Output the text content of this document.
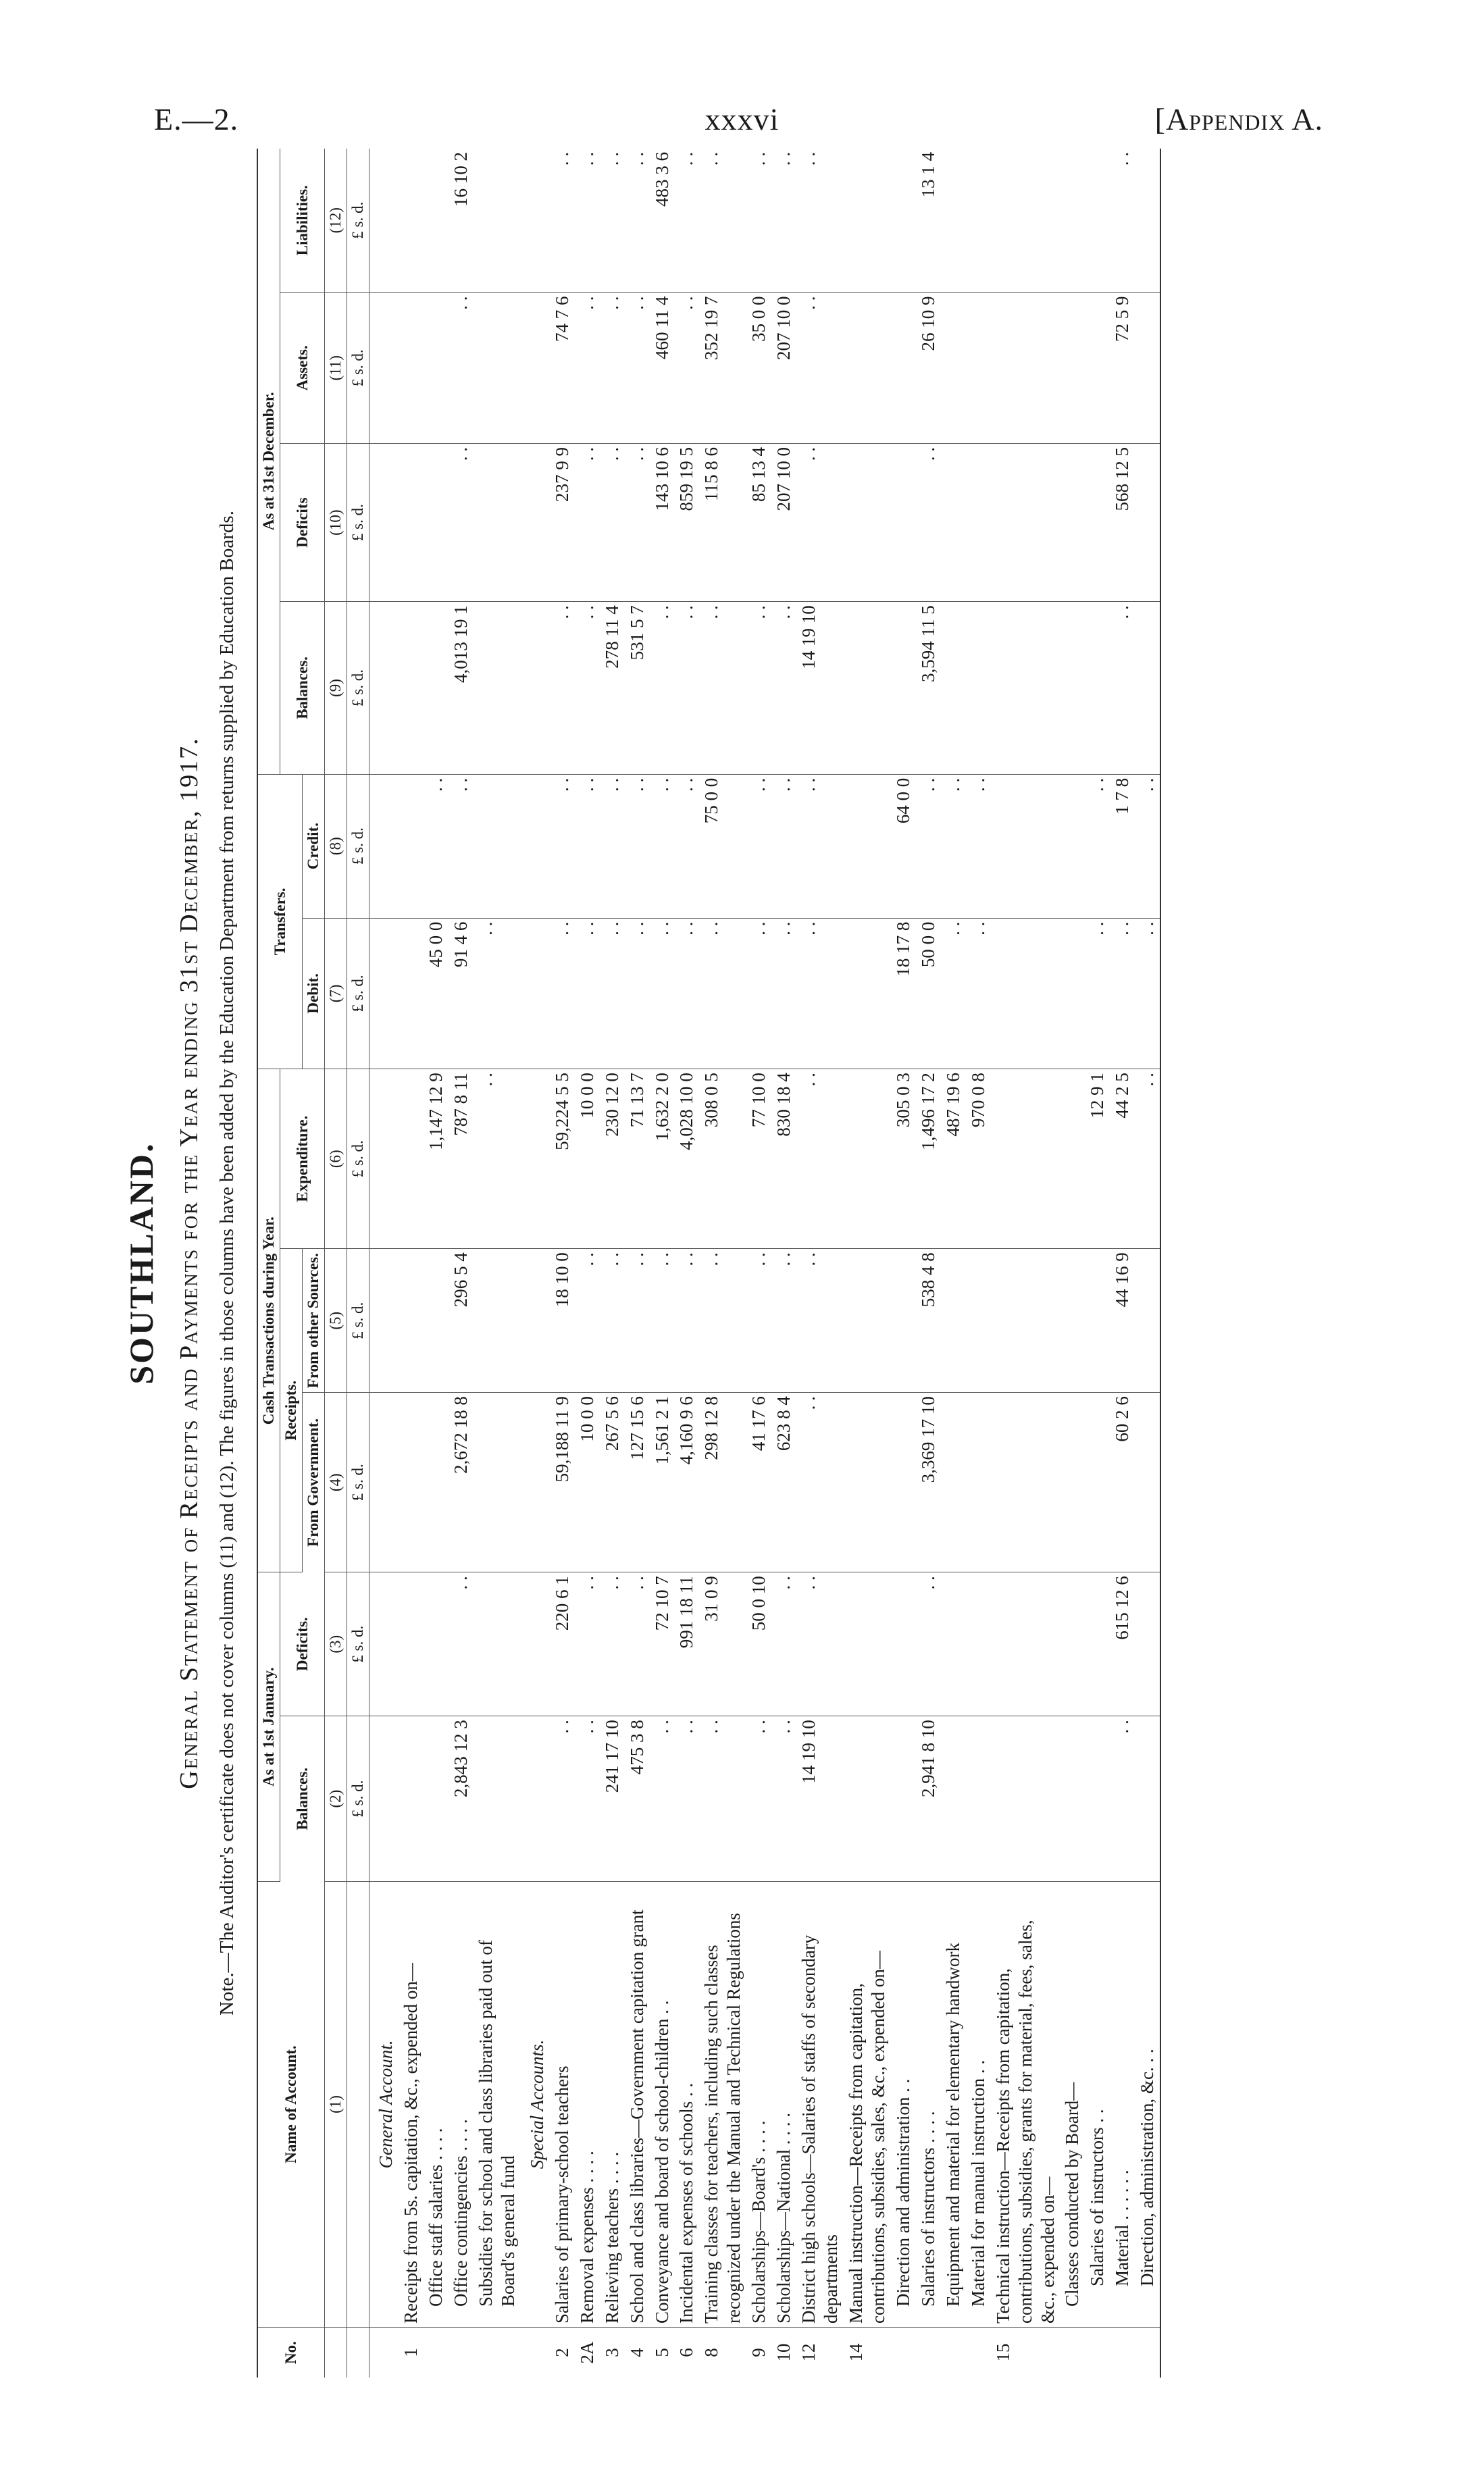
E.—2.	xxxvi	[Appendix A.
SOUTHLAND. General Statement of Receipts and Payments for the Year ending 31st December, 1917. Note.—The Auditor's certificate does not cover columns (11) and (12). The figures in those columns have been added by the Education Department from returns supplied by Education Boards.
No.	Name of Account.	As at 1st January.		Cash Transactions during Year.			Transfers.		As at 31st December.			
		Balances.	Deficits.	Receipts.		Expenditure.			Balances.	Deficits	Assets.	Liabilities.
				From Government.	From other Sources.		Debit.	Credit.				
	(1)	(2)	(3)	(4)	(5)	(6)	(7)	(8)	(9)	(10)	(11)	(12)
		£ s. d.	£ s. d.	£ s. d.	£ s. d.	£ s. d.	£ s. d.	£ s. d.	£ s. d.	£ s. d.	£ s. d.	£ s. d.
	General Account.											
1	Receipts from 5s. capitation, &c., expended on—											
	Office staff salaries . . . .					1,147 12 9	45 0 0	. .				
	Office contingencies . . . .	2,843 12 3	. .	2,672 18 8	296 5 4	787 8 11	91 4 6	. .	4,013 19 1	. .	. .	16 10 2
	Subsidies for school and class libraries paid out of Board's general fund					. .	. .					
	Special Accounts.											
2	Salaries of primary-school teachers	. .	220 6 1	59,188 11 9	18 10 0	59,224 5 5	. .	. .	. .	237 9 9	74 7 6	. .
2A	Removal expenses . . . .	. .	. .	10 0 0	. .	10 0 0	. .	. .	. .	. .	. .	. .
3	Relieving teachers . . . .	241 17 10	. .	267 5 6	. .	230 12 0	. .	. .	278 11 4	. .	. .	. .
4	School and class libraries—Government capitation grant	475 3 8	. .	127 15 6	. .	71 13 7	. .	. .	531 5 7	. .	. .	. .
5	Conveyance and board of school-children . .	. .	72 10 7	1,561 2 1	. .	1,632 2 0	. .	. .	. .	143 10 6	460 11 4	483 3 6
6	Incidental expenses of schools . .	. .	991 18 11	4,160 9 6	. .	4,028 10 0	. .	. .	. .	859 19 5	. .	. .
8	Training classes for teachers, including such classes recognized under the Manual and Technical Regulations	. .	31 0 9	298 12 8	. .	308 0 5	. .	75 0 0	. .	115 8 6	352 19 7	. .
9	Scholarships—Board's . . . .	. .	50 0 10	41 17 6	. .	77 10 0	. .	. .	. .	85 13 4	35 0 0	. .
10	Scholarships—National . . . .	. .	. .	623 8 4	. .	830 18 4	. .	. .	. .	207 10 0	207 10 0	. .
12	District high schools—Salaries of staffs of secondary departments	14 19 10	. .	. .	. .	. .	. .	. .	14 19 10	. .	. .	. .
14	Manual instruction—Receipts from capitation, contributions, subsidies, sales, &c., expended on—											
	Direction and administration . .					305 0 3	18 17 8	64 0 0				
	Salaries of instructors . . . .	2,941 8 10	. .	3,369 17 10	538 4 8	1,496 17 2	50 0 0	. .	3,594 11 5	. .	26 10 9	13 1 4
	Equipment and material for elementary handwork					487 19 6	. .	. .				
	Material for manual instruction . .					970 0 8	. .	. .				
15	Technical instruction—Receipts from capitation, contributions, subsidies, grants for material, fees, sales, &c., expended on—											
	Classes conducted by Board—											
	Salaries of instructors . .					12 9 1	. .	. .				
	Material . . . . . .	. .	615 12 6	60 2 6	44 16 9	44 2 5	. .	1 7 8	. .	568 12 5	72 5 9	. .
	Direction, administration, &c. . .					. .	. .	. .				
